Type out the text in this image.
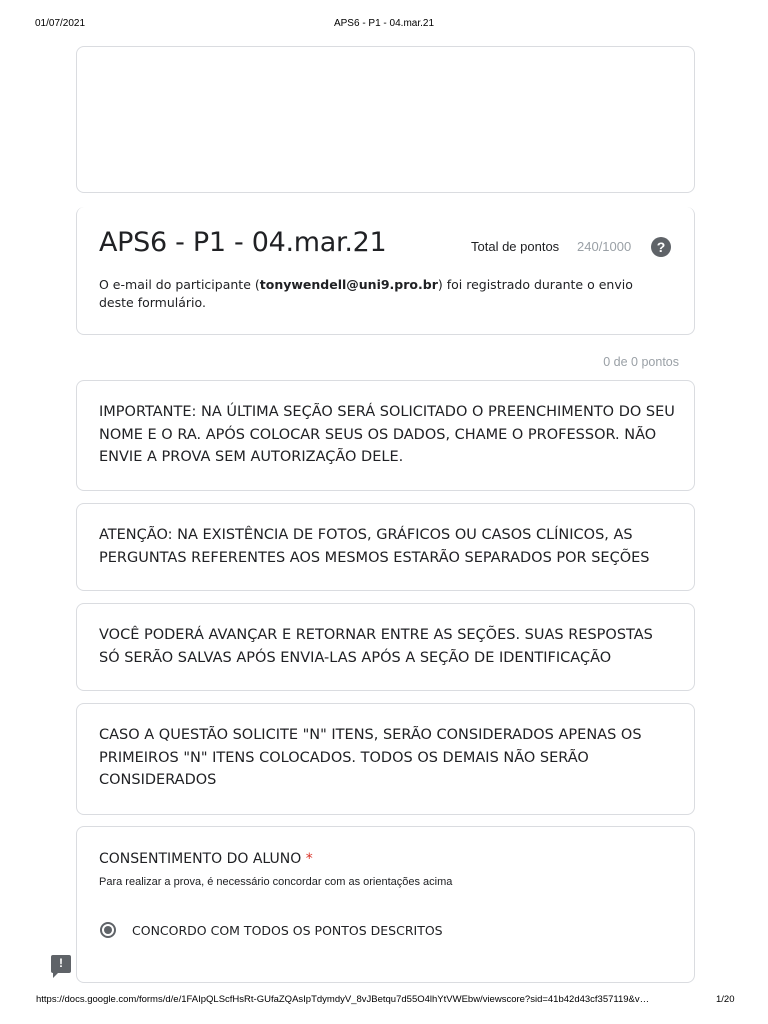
01/07/2021	APS6 - P1 - 04.mar.21
APS6 - P1 - 04.mar.21	Total de pontos 240/1000	?
O e-mail do participante (tonywendell@uni9.pro.br) foi registrado durante o envio deste formulário.
0 de 0 pontos
IMPORTANTE: NA ÚLTIMA SEÇÃO SERÁ SOLICITADO O PREENCHIMENTO DO SEU NOME E O RA. APÓS COLOCAR SEUS OS DADOS, CHAME O PROFESSOR. NÃO ENVIE A PROVA SEM AUTORIZAÇÃO DELE.
ATENÇÃO: NA EXISTÊNCIA DE FOTOS, GRÁFICOS OU CASOS CLÍNICOS, AS PERGUNTAS REFERENTES AOS MESMOS ESTARÃO SEPARADOS POR SEÇÕES
VOCÊ PODERÁ AVANÇAR E RETORNAR ENTRE AS SEÇÕES. SUAS RESPOSTAS SÓ SERÃO SALVAS APÓS ENVIA-LAS APÓS A SEÇÃO DE IDENTIFICAÇÃO
CASO A QUESTÃO SOLICITE "N" ITENS, SERÃO CONSIDERADOS APENAS OS PRIMEIROS "N" ITENS COLOCADOS. TODOS OS DEMAIS NÃO SERÃO CONSIDERADOS
CONSENTIMENTO DO ALUNO *
Para realizar a prova, é necessário concordar com as orientações acima
CONCORDO COM TODOS OS PONTOS DESCRITOS
!
https://docs.google.com/forms/d/e/1FAIpQLScfHsRt-GUfaZQAsIpTdymdyV_8vJBetqu7d55O4lhYtVWEbw/viewscore?sid=41b42d43cf357119&v…	1/20
